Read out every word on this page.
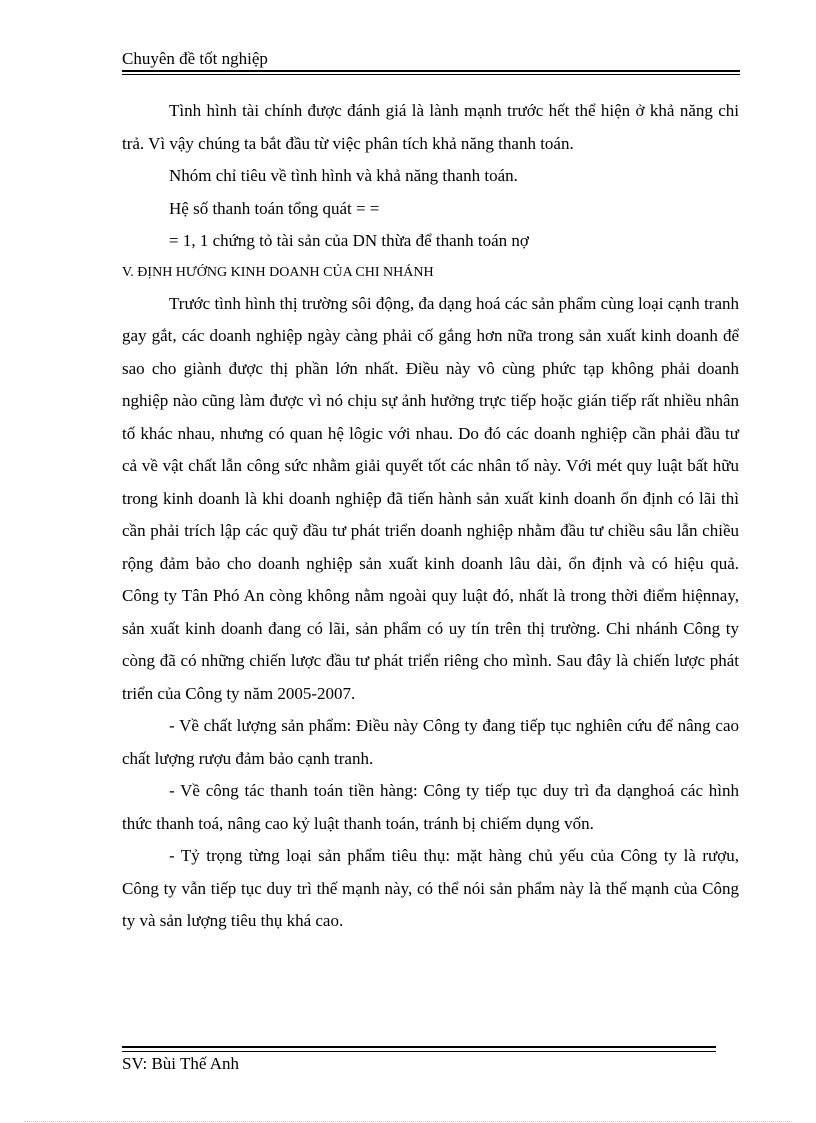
Chuyên đề tốt nghiệp

Tình hình tài chính được đánh giá là lành mạnh trước hết thể hiện ở khả năng chi trả. Vì vậy chúng ta bắt đầu từ việc phân tích khả năng thanh toán.

Nhóm chỉ tiêu về tình hình và khả năng thanh toán.

Hệ số thanh toán tổng quát = =

= 1, 1 chứng tỏ tài sản của DN thừa để thanh toán nợ

V. ĐỊNH HƯỚNG KINH DOANH CỦA CHI NHÁNH

Trước tình hình thị trường sôi động, đa dạng hoá các sản phẩm cùng loại cạnh tranh gay gắt, các doanh nghiệp ngày càng phải cố gắng hơn nữa trong sản xuất kinh doanh để sao cho giành được thị phần lớn nhất. Điều này vô cùng phức tạp không phải doanh nghiệp nào cũng làm được vì nó chịu sự ảnh hưởng trực tiếp hoặc gián tiếp rất nhiều nhân tố khác nhau, nhưng có quan hệ lôgic với nhau. Do đó các doanh nghiệp cần phải đầu tư cả về vật chất lẫn công sức nhằm giải quyết tốt các nhân tố này. Với mét quy luật bất hữu trong kinh doanh là khi doanh nghiệp đã tiến hành sản xuất kinh doanh ổn định có lãi thì cần phải trích lập các quỹ đầu tư phát triển doanh nghiệp nhằm đầu tư chiều sâu lẫn chiều rộng đảm bảo cho doanh nghiệp sản xuất kinh doanh lâu dài, ổn định và có hiệu quả. Công ty Tân Phó An còng không nằm ngoài quy luật đó, nhất là trong thời điểm hiệnnay, sản xuất kinh doanh đang có lãi, sản phẩm có uy tín trên thị trường. Chi nhánh Công ty còng đã có những chiến lược đầu tư phát triển riêng cho mình. Sau đây là chiến lược phát triển của Công ty năm 2005-2007.

- Về chất lượng sản phẩm: Điều này Công ty đang tiếp tục nghiên cứu để nâng cao chất lượng rượu đảm bảo cạnh tranh.

- Về công tác thanh toán tiền hàng: Công ty tiếp tục duy trì đa dạnghoá các hình thức thanh toá, nâng cao kỷ luật thanh toán, tránh bị chiếm dụng vốn.

- Tỷ trọng từng loại sản phẩm tiêu thụ: mặt hàng chủ yếu của Công ty là rượu, Công ty vẫn tiếp tục duy trì thế mạnh này, có thể nói sản phẩm này là thế mạnh của Công ty và sản lượng tiêu thụ khá cao.

SV: Bùi Thế Anh
